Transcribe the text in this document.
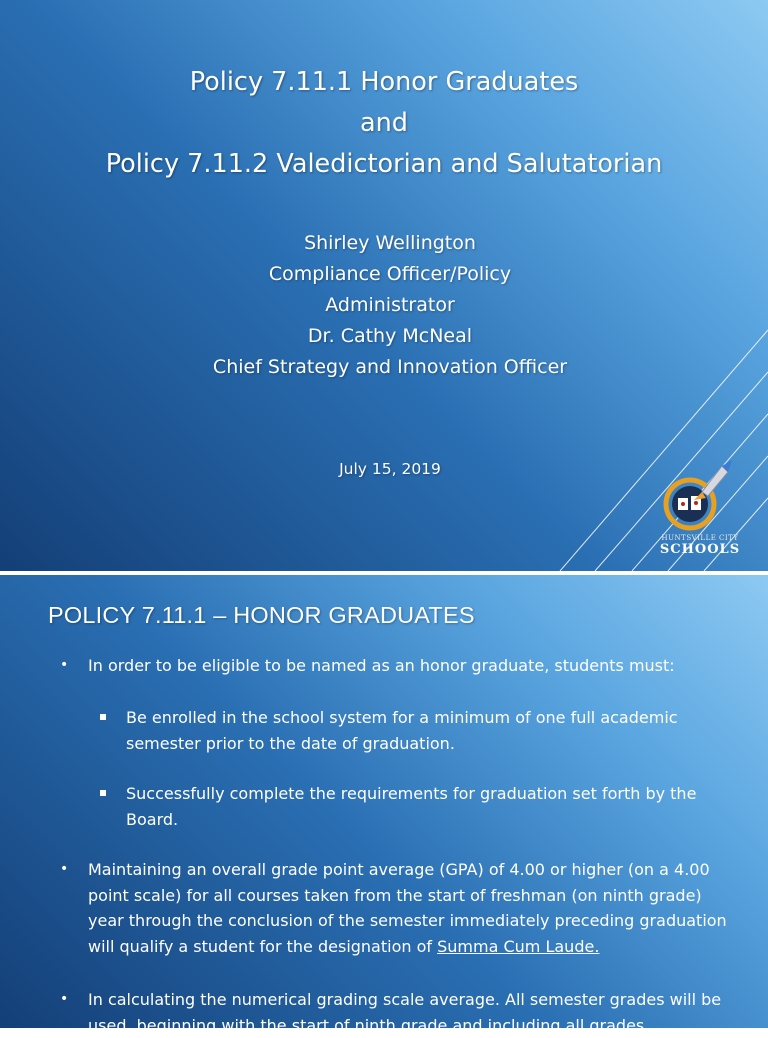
Policy 7.11.1 Honor Graduates
and
Policy 7.11.2 Valedictorian and Salutatorian
Shirley Wellington
Compliance Officer/Policy
Administrator
Dr. Cathy McNeal
Chief Strategy and Innovation Officer
July 15, 2019
HUNTSVILLE CITY
SCHOOLS
POLICY 7.11.1 – HONOR GRADUATES
• In order to be eligible to be named as an honor graduate, students must:
Be enrolled in the school system for a minimum of one full academic semester prior to the date of graduation.
Successfully complete the requirements for graduation set forth by the Board.
• Maintaining an overall grade point average (GPA) of 4.00 or higher (on a 4.00 point scale) for all courses taken from the start of freshman (on ninth grade) year through the conclusion of the semester immediately preceding graduation will qualify a student for the designation of Summa Cum Laude.
• In calculating the numerical grading scale average. All semester grades will be used, beginning with the start of ninth grade and including all grades
